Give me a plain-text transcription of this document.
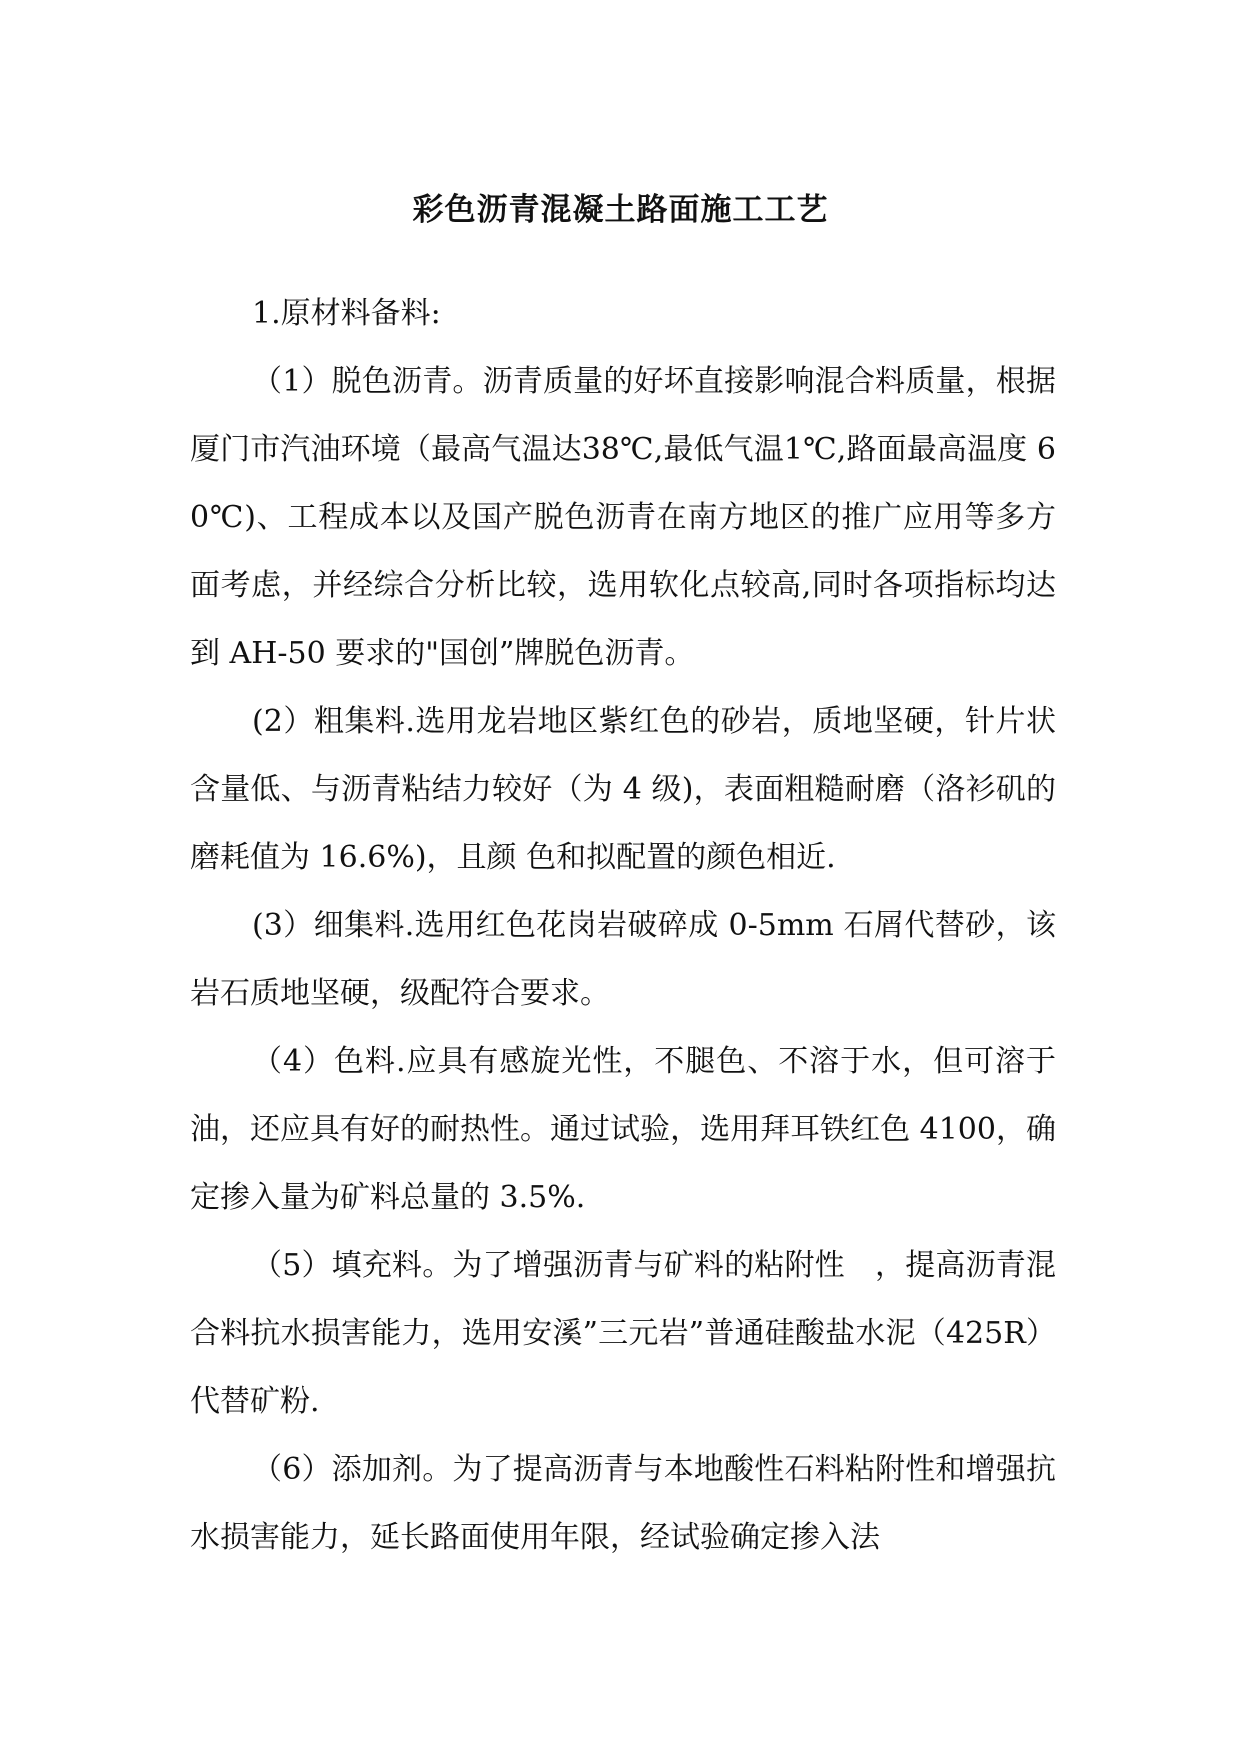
彩色沥青混凝土路面施工工艺

1.原材料备料:

（1）脱色沥青。沥青质量的好坏直接影响混合料质量，根据厦门市汽油环境（最高气温达38℃,最低气温1℃,路面最高温度 60℃)、工程成本以及国产脱色沥青在南方地区的推广应用等多方面考虑，并经综合分析比较，选用软化点较高,同时各项指标均达到 AH-50 要求的"国创”牌脱色沥青。

(2）粗集料.选用龙岩地区紫红色的砂岩，质地坚硬，针片状含量低、与沥青粘结力较好（为 4 级)，表面粗糙耐磨（洛衫矶的磨耗值为 16.6%)，且颜 色和拟配置的颜色相近.

(3）细集料.选用红色花岗岩破碎成 0-5mm 石屑代替砂，该岩石质地坚硬，级配符合要求。

（4）色料.应具有感旋光性，不腿色、不溶于水，但可溶于油，还应具有好的耐热性。通过试验，选用拜耳铁红色 4100，确定掺入量为矿料总量的 3.5%.

（5）填充料。为了增强沥青与矿料的粘附性　，提高沥青混合料抗水损害能力，选用安溪”三元岩”普通硅酸盐水泥（425R）代替矿粉.

（6）添加剂。为了提高沥青与本地酸性石料粘附性和增强抗水损害能力，延长路面使用年限，经试验确定掺入法
